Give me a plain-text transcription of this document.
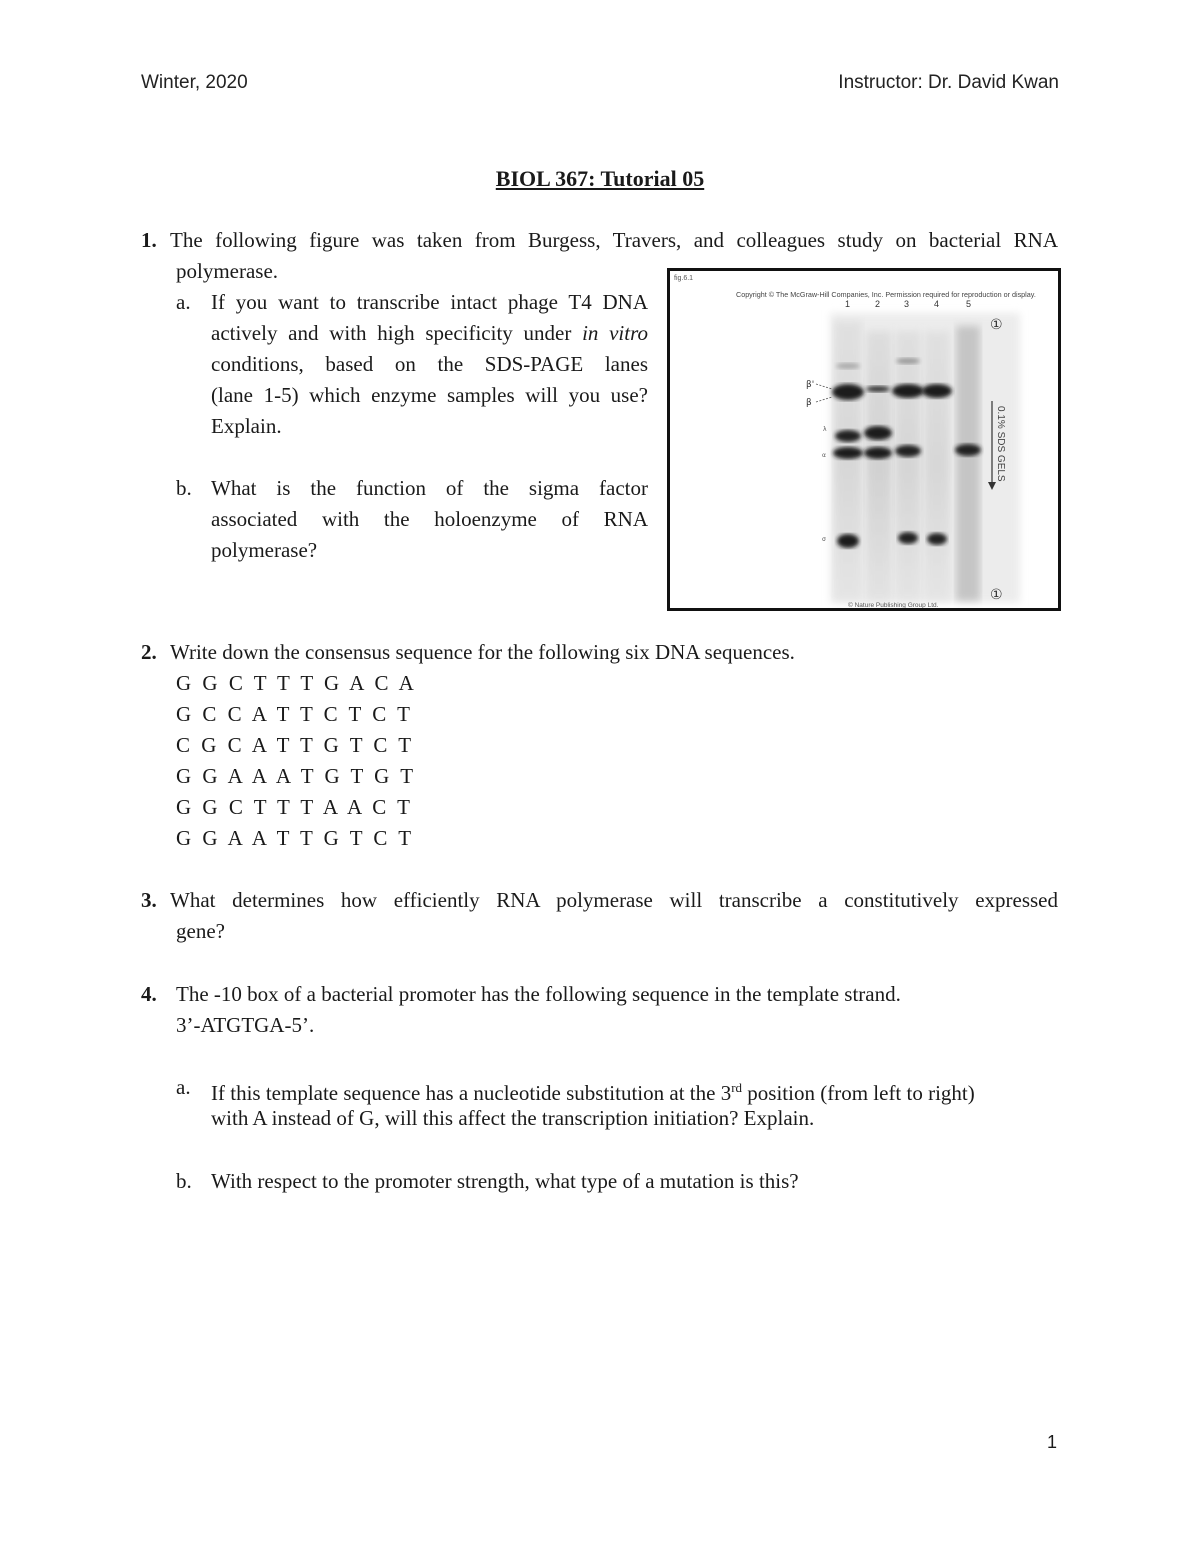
Winter, 2020	Instructor: Dr. David Kwan
BIOL 367: Tutorial 05
1. The following figure was taken from Burgess, Travers, and colleagues study on bacterial RNA
polymerase.
a. If you want to transcribe intact phage T4 DNA
actively and with high specificity under in vitro
conditions, based on the SDS-PAGE lanes
(lane 1-5) which enzyme samples will you use?
Explain.
b. What is the function of the sigma factor
associated with the holoenzyme of RNA
polymerase?
fig.6.1
Copyright © The McGraw-Hill Companies, Inc. Permission required for reproduction or display.
1	2	3	4	5
①
β'
β
λ
α
σ
0.1% SDS GELS
①
© Nature Publishing Group Ltd.
2. Write down the consensus sequence for the following six DNA sequences.
G G C T T T G A C A
G C C A T T C T C T
C G C A T T G T C T
G G A A A T G T G T
G G C T T T A A C T
G G A A T T G T C T
3. What determines how efficiently RNA polymerase will transcribe a constitutively expressed
gene?
4. The -10 box of a bacterial promoter has the following sequence in the template strand.
3’-ATGTGA-5’.
a. If this template sequence has a nucleotide substitution at the 3rd position (from left to right)
with A instead of G, will this affect the transcription initiation? Explain.
b. With respect to the promoter strength, what type of a mutation is this?
1
